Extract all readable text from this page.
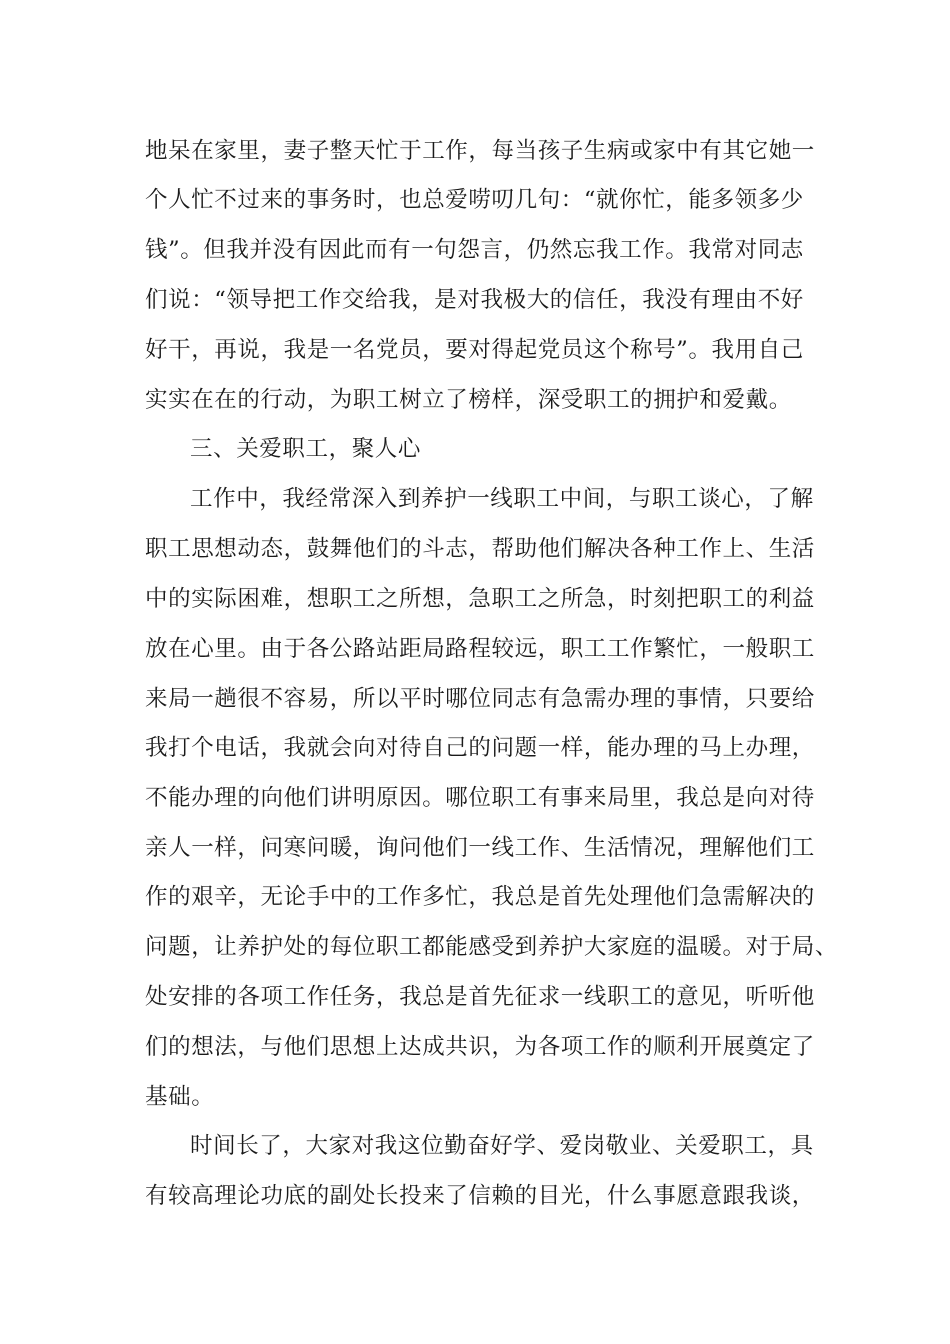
地呆在家里，妻子整天忙于工作，每当孩子生病或家中有其它她一
个人忙不过来的事务时，也总爱唠叨几句：“就你忙，能多领多少
钱”。但我并没有因此而有一句怨言，仍然忘我工作。我常对同志
们说：“领导把工作交给我，是对我极大的信任，我没有理由不好
好干，再说，我是一名党员，要对得起党员这个称号”。我用自己
实实在在的行动，为职工树立了榜样，深受职工的拥护和爱戴。
三、关爱职工，聚人心
工作中，我经常深入到养护一线职工中间，与职工谈心，了解
职工思想动态，鼓舞他们的斗志，帮助他们解决各种工作上、生活
中的实际困难，想职工之所想，急职工之所急，时刻把职工的利益
放在心里。由于各公路站距局路程较远，职工工作繁忙，一般职工
来局一趟很不容易，所以平时哪位同志有急需办理的事情，只要给
我打个电话，我就会向对待自己的问题一样，能办理的马上办理，
不能办理的向他们讲明原因。哪位职工有事来局里，我总是向对待
亲人一样，问寒问暖，询问他们一线工作、生活情况，理解他们工
作的艰辛，无论手中的工作多忙，我总是首先处理他们急需解决的
问题，让养护处的每位职工都能感受到养护大家庭的温暖。对于局、
处安排的各项工作任务，我总是首先征求一线职工的意见，听听他
们的想法，与他们思想上达成共识，为各项工作的顺利开展奠定了
基础。
时间长了，大家对我这位勤奋好学、爱岗敬业、关爱职工，具
有较高理论功底的副处长投来了信赖的目光，什么事愿意跟我谈，
